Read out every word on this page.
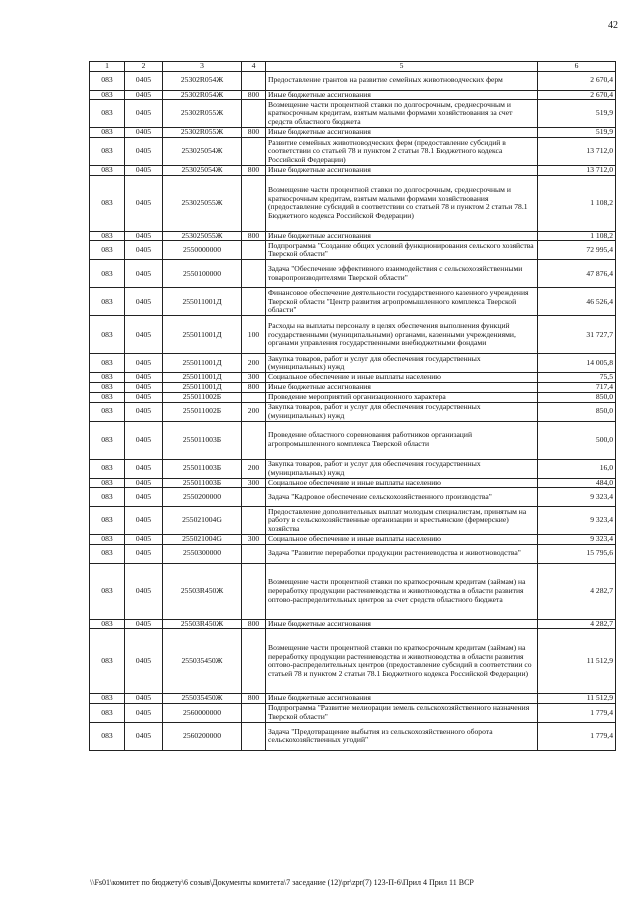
42
1	2	3	4	5	6
083	0405	25302R054Ж		Предоставление грантов на развитие семейных животноводческих ферм	2 670,4
083	0405	25302R054Ж	800	Иные бюджетные ассигнования	2 670,4
083	0405	25302R055Ж		Возмещение части процентной ставки по долгосрочным, среднесрочным и краткосрочным кредитам, взятым малыми формами хозяйствования за счет средств областного бюджета	519,9
083	0405	25302R055Ж	800	Иные бюджетные ассигнования	519,9
083	0405	253025054Ж		Развитие семейных животноводческих ферм (предоставление субсидий в соответствии со статьей 78 и пунктом 2 статьи 78.1 Бюджетного кодекса Российской Федерации)	13 712,0
083	0405	253025054Ж	800	Иные бюджетные ассигнования	13 712,0
083	0405	253025055Ж		Возмещение части процентной ставки по долгосрочным, среднесрочным и краткосрочным кредитам, взятым малыми формами хозяйствования (предоставление субсидий в соответствии со статьей 78 и пунктом 2 статьи 78.1 Бюджетного кодекса Российской Федерации)	1 108,2
083	0405	253025055Ж	800	Иные бюджетные ассигнования	1 108,2
083	0405	2550000000		Подпрограмма "Создание общих условий функционирования сельского хозяйства Тверской области"	72 995,4
083	0405	2550100000		Задача "Обеспечение эффективного взаимодействия с сельскохозяйственными товаропроизводителями Тверской области"	47 876,4
083	0405	255011001Д		Финансовое обеспечение деятельности государственного казенного учреждения Тверской области "Центр развития агропромышленного комплекса Тверской области"	46 526,4
083	0405	255011001Д	100	Расходы на выплаты персоналу в целях обеспечения выполнения функций государственными (муниципальными) органами, казенными учреждениями, органами управления государственными внебюджетными фондами	31 727,7
083	0405	255011001Д	200	Закупка товаров, работ и услуг для обеспечения государственных (муниципальных) нужд	14 005,8
083	0405	255011001Д	300	Социальное обеспечение и иные выплаты населению	75,5
083	0405	255011001Д	800	Иные бюджетные ассигнования	717,4
083	0405	255011002Б		Проведение мероприятий организационного характера	850,0
083	0405	255011002Б	200	Закупка товаров, работ и услуг для обеспечения государственных (муниципальных) нужд	850,0
083	0405	255011003Б		Проведение областного соревнования работников организаций агропромышленного комплекса Тверской области	500,0
083	0405	255011003Б	200	Закупка товаров, работ и услуг для обеспечения государственных (муниципальных) нужд	16,0
083	0405	255011003Б	300	Социальное обеспечение и иные выплаты населению	484,0
083	0405	2550200000		Задача "Кадровое обеспечение сельскохозяйственного производства"	9 323,4
083	0405	255021004G		Предоставление дополнительных выплат молодым специалистам, принятым на работу в сельскохозяйственные организации и крестьянские (фермерские) хозяйства	9 323,4
083	0405	255021004G	300	Социальное обеспечение и иные выплаты населению	9 323,4
083	0405	2550300000		Задача "Развитие переработки продукции растениеводства и животноводства"	15 795,6
083	0405	25503R450Ж		Возмещение части процентной ставки по краткосрочным кредитам (займам) на переработку продукции растениеводства и животноводства в области развития оптово-распределительных центров за счет средств областного бюджета	4 282,7
083	0405	25503R450Ж	800	Иные бюджетные ассигнования	4 282,7
083	0405	255035450Ж		Возмещение части процентной ставки по краткосрочным кредитам (займам) на переработку продукции растениеводства и животноводства в области развития оптово-распределительных центров (предоставление субсидий в соответствии со статьей 78 и пунктом 2 статьи 78.1 Бюджетного кодекса Российской Федерации)	11 512,9
083	0405	255035450Ж	800	Иные бюджетные ассигнования	11 512,9
083	0405	2560000000		Подпрограмма "Развитие мелиорации земель сельскохозяйственного назначения Тверской области"	1 779,4
083	0405	2560200000		Задача "Предотвращение выбытия из сельскохозяйственного оборота сельскохозяйственных угодий"	1 779,4
\\Fs01\комитет по бюджету\6 созыв\Документы комитета\7 заседание (12)\pr\zpr(7) 123-П-6\Прил 4 Прил 11 ВСР
